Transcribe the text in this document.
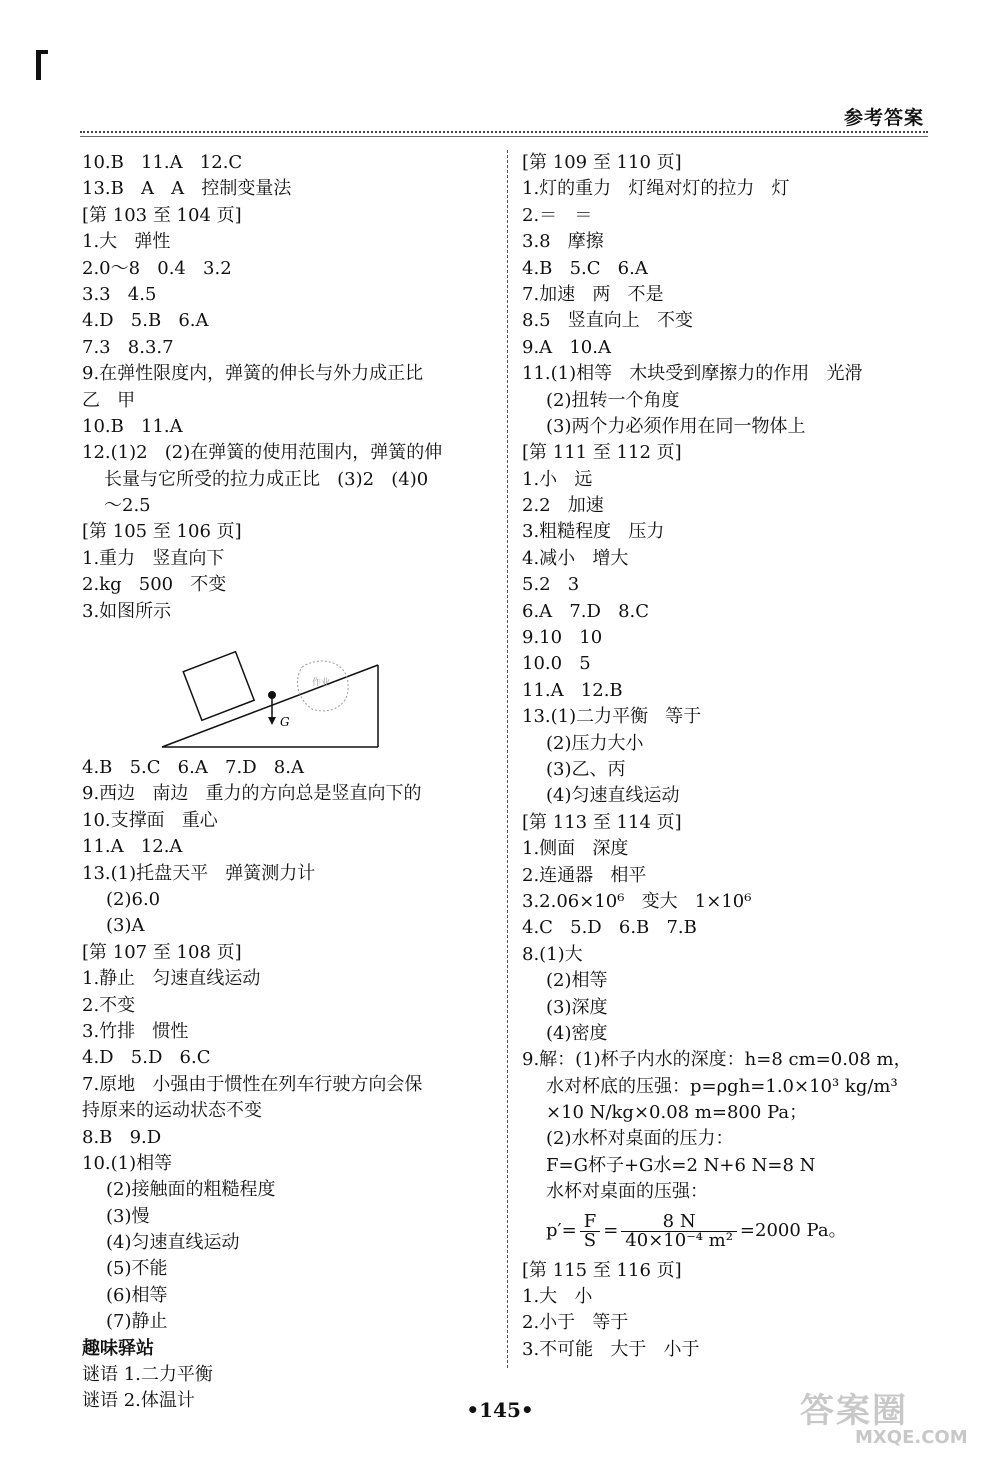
参考答案
10.B   11.A   12.C
13.B   A   A   控制变量法
[第 103 至 104 页]
1.大   弹性
2.0～8   0.4   3.2
3.3   4.5
4.D   5.B   6.A
7.3   8.3.7
9.在弹性限度内，弹簧的伸长与外力成正比
乙   甲
10.B   11.A
12.(1)2   (2)在弹簧的使用范围内，弹簧的伸
长量与它所受的拉力成正比   (3)2   (4)0
～2.5
[第 105 至 106 页]
1.重力   竖直向下
2.kg   500   不变
3.如图所示
G
作业
4.B   5.C   6.A   7.D   8.A
9.西边   南边   重力的方向总是竖直向下的
10.支撑面   重心
11.A   12.A
13.(1)托盘天平   弹簧测力计
(2)6.0
(3)A
[第 107 至 108 页]
1.静止   匀速直线运动
2.不变
3.竹排   惯性
4.D   5.D   6.C
7.原地   小强由于惯性在列车行驶方向会保
持原来的运动状态不变
8.B   9.D
10.(1)相等
(2)接触面的粗糙程度
(3)慢
(4)匀速直线运动
(5)不能
(6)相等
(7)静止
趣味驿站
谜语 1.二力平衡
谜语 2.体温计
[第 109 至 110 页]
1.灯的重力   灯绳对灯的拉力   灯
2.＝   ＝
3.8   摩擦
4.B   5.C   6.A
7.加速   两   不是
8.5   竖直向上   不变
9.A   10.A
11.(1)相等   木块受到摩擦力的作用   光滑
(2)扭转一个角度
(3)两个力必须作用在同一物体上
[第 111 至 112 页]
1.小   远
2.2   加速
3.粗糙程度   压力
4.减小   增大
5.2   3
6.A   7.D   8.C
9.10   10
10.0   5
11.A   12.B
13.(1)二力平衡   等于
(2)压力大小
(3)乙、丙
(4)匀速直线运动
[第 113 至 114 页]
1.侧面   深度
2.连通器   相平
3.2.06×10⁶   变大   1×10⁶
4.C   5.D   6.B   7.B
8.(1)大
(2)相等
(3)深度
(4)密度
9.解：(1)杯子内水的深度：h=8 cm=0.08 m，
水对杯底的压强：p=ρgh=1.0×10³ kg/m³
×10 N/kg×0.08 m=800 Pa；
(2)水杯对桌面的压力：
F=G杯子+G水=2 N+6 N=8 N
水杯对桌面的压强：
$p'= \frac{F}{S} = \frac{8 N}{\text{40×10⁻⁴ m²}} =2000$ Pa。
[第 115 至 116 页]
1.大   小
2.小于   等于
3.不可能   大于   小于
•145•	答案圈
MXQE.COM
